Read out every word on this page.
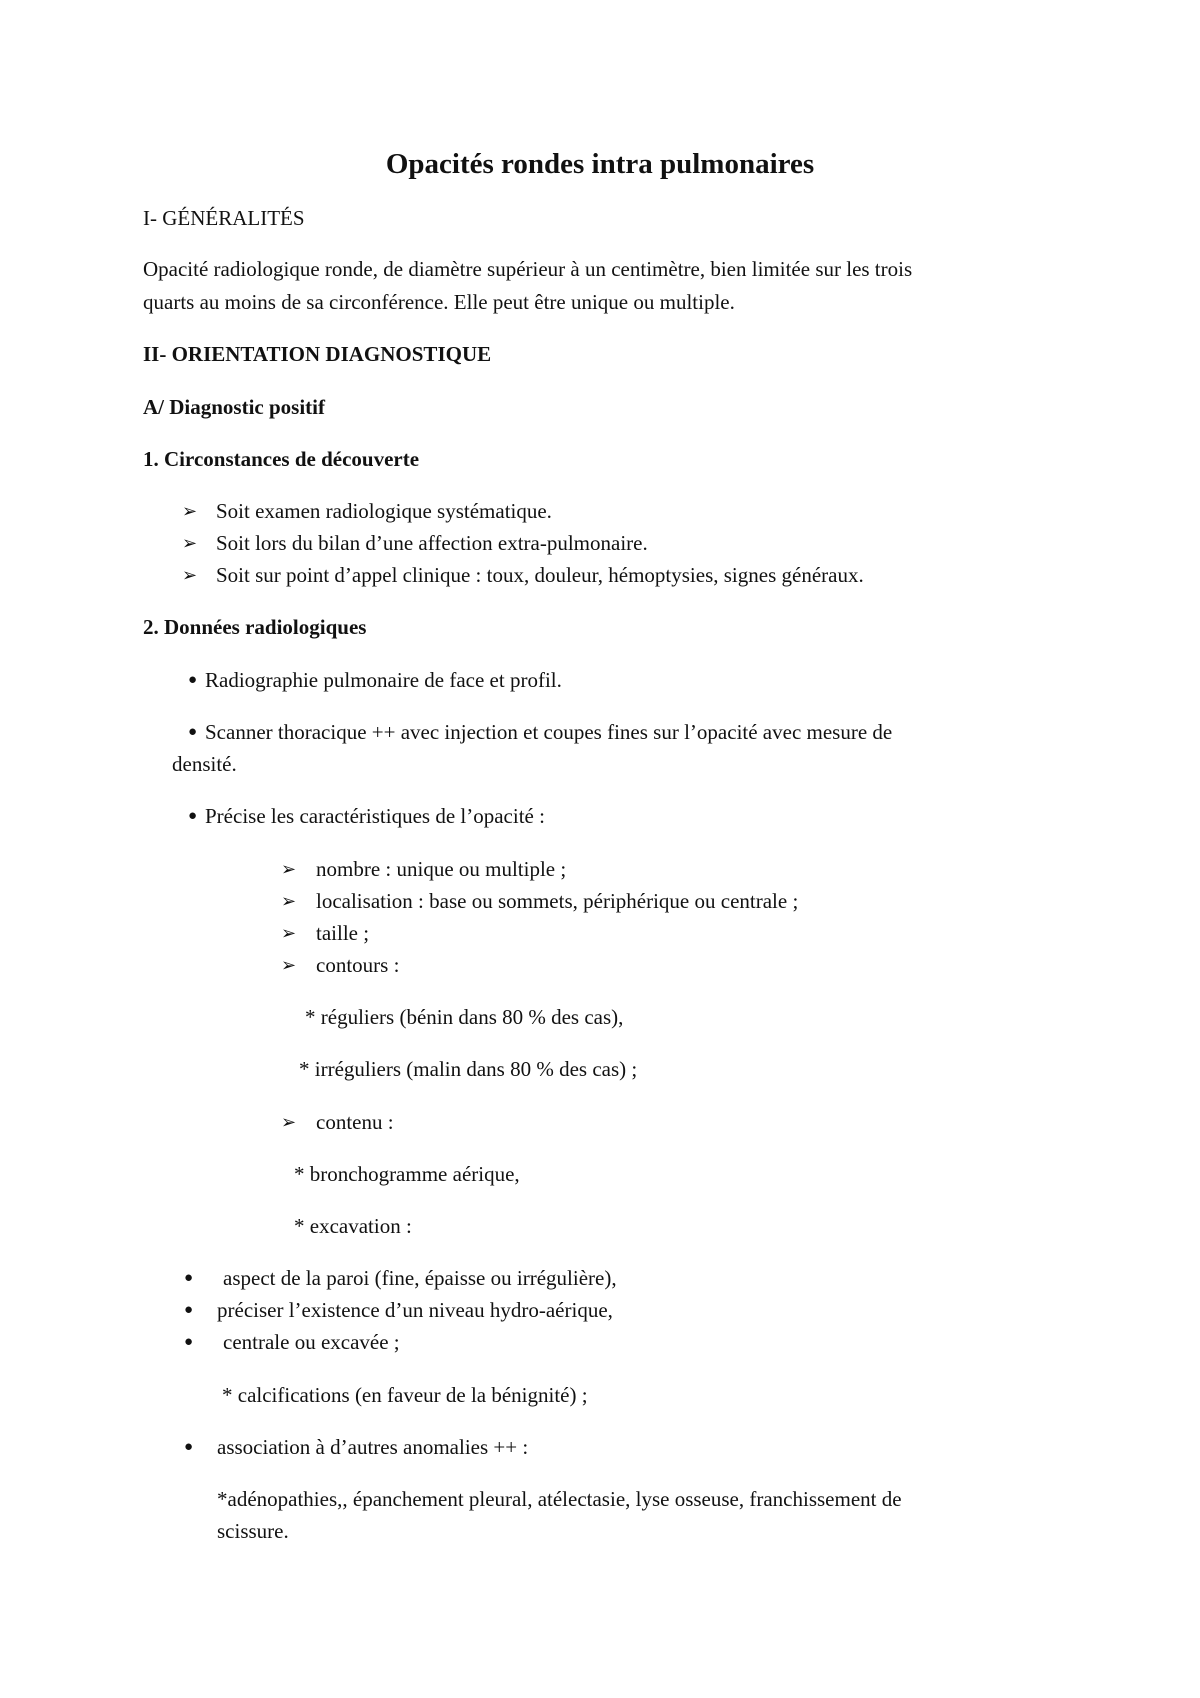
Opacités rondes intra pulmonaires
I- GÉNÉRALITÉS
Opacité radiologique ronde, de diamètre supérieur à un centimètre, bien limitée sur les trois
quarts au moins de sa circonférence. Elle peut être unique ou multiple.
II- ORIENTATION DIAGNOSTIQUE
A/ Diagnostic positif
1. Circonstances de découverte
➢ Soit examen radiologique systématique.
➢ Soit lors du bilan d’une affection extra-pulmonaire.
➢ Soit sur point d’appel clinique : toux, douleur, hémoptysies, signes généraux.
2. Données radiologiques
● Radiographie pulmonaire de face et profil.
● Scanner thoracique ++ avec injection et coupes fines sur l’opacité avec mesure de
densité.
● Précise les caractéristiques de l’opacité :
➢ nombre : unique ou multiple ;
➢ localisation : base ou sommets, périphérique ou centrale ;
➢ taille ;
➢ contours :
* réguliers (bénin dans 80 % des cas),
* irréguliers (malin dans 80 % des cas) ;
➢ contenu :
* bronchogramme aérique,
* excavation :
● aspect de la paroi (fine, épaisse ou irrégulière),
● préciser l’existence d’un niveau hydro-aérique,
● centrale ou excavée ;
* calcifications (en faveur de la bénignité) ;
● association à d’autres anomalies ++ :
*adénopathies,, épanchement pleural, atélectasie, lyse osseuse, franchissement de
scissure.
